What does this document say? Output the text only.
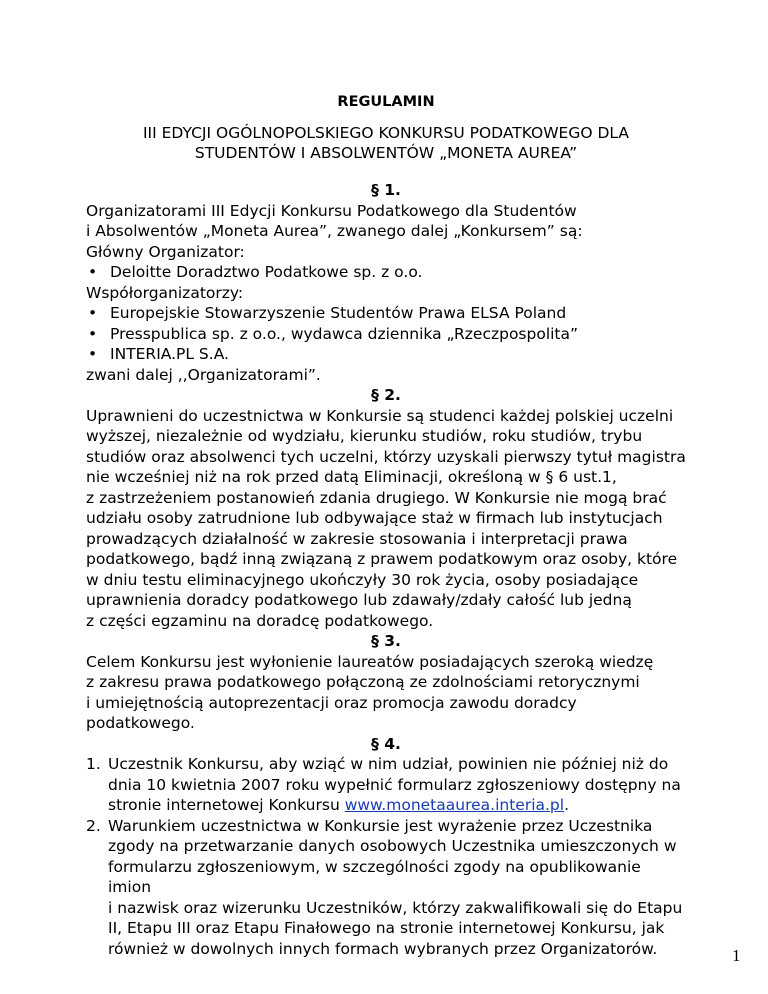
REGULAMIN
III EDYCJI OGÓLNOPOLSKIEGO KONKURSU PODATKOWEGO DLA
STUDENTÓW I ABSOLWENTÓW „MONETA AUREA”
§ 1.

Organizatorami III Edycji Konkursu Podatkowego dla Studentów

i Absolwentów „Moneta Aurea”, zwanego dalej „Konkursem” są:

Główny Organizator:

• Deloitte Doradztwo Podatkowe sp. z o.o.

Współorganizatorzy:

• Europejskie Stowarzyszenie Studentów Prawa ELSA Poland
• Presspublica sp. z o.o., wydawca dziennika „Rzeczpospolita”
• INTERIA.PL S.A.

zwani dalej ,,Organizatorami”.

§ 2.

Uprawnieni do uczestnictwa w Konkursie są studenci każdej polskiej uczelni

wyższej, niezależnie od wydziału, kierunku studiów, roku studiów, trybu

studiów oraz absolwenci tych uczelni, którzy uzyskali pierwszy tytuł magistra

nie wcześniej niż na rok przed datą Eliminacji, określoną w § 6 ust.1,

z zastrzeżeniem postanowień zdania drugiego. W Konkursie nie mogą brać

udziału osoby zatrudnione lub odbywające staż w firmach lub instytucjach

prowadzących działalność w zakresie stosowania i interpretacji prawa

podatkowego, bądź inną związaną z prawem podatkowym oraz osoby, które

w dniu testu eliminacyjnego ukończyły 30 rok życia, osoby posiadające

uprawnienia doradcy podatkowego lub zdawały/zdały całość lub jedną

z części egzaminu na doradcę podatkowego.

§ 3.

Celem Konkursu jest wyłonienie laureatów posiadających szeroką wiedzę

z zakresu prawa podatkowego połączoną ze zdolnościami retorycznymi

i umiejętnością autoprezentacji oraz promocja zawodu doradcy podatkowego.

§ 4.
1. Uczestnik Konkursu, aby wziąć w nim udział, powinien nie później niż do

dnia 10 kwietnia 2007 roku wypełnić formularz zgłoszeniowy dostępny na

stronie internetowej Konkursu www.monetaaurea.interia.pl.

2. Warunkiem uczestnictwa w Konkursie jest wyrażenie przez Uczestnika

zgody na przetwarzanie danych osobowych Uczestnika umieszczonych w

formularzu zgłoszeniowym, w szczególności zgody na opublikowanie imion

i nazwisk oraz wizerunku Uczestników, którzy zakwalifikowali się do Etapu

II, Etapu III oraz Etapu Finałowego na stronie internetowej Konkursu, jak

również w dowolnych innych formach wybranych przez Organizatorów.	1
